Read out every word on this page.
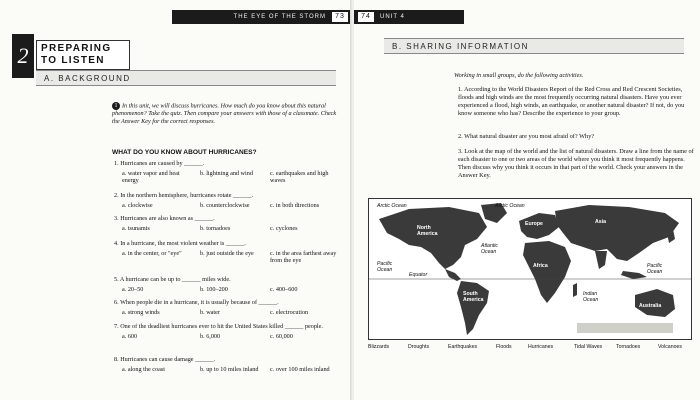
THE EYE OF THE STORM	73
2	PREPARING TO LISTEN
A. BACKGROUND
1 In this unit, we will discuss hurricanes. How much do you know about this natural phenomenon? Take the quiz. Then compare your answers with those of a classmate. Check the Answer Key for the correct responses.
WHAT DO YOU KNOW ABOUT HURRICANES?
1. Hurricanes are caused by ______.
a. water vapor and heat energy
b. lightning and wind	c. earthquakes and high waves
2. In the northern hemisphere, hurricanes rotate ______.
a. clockwise	b. counterclockwise	c. in both directions
3. Hurricanes are also known as ______.
a. tsunamis	b. tornadoes	c. cyclones
4. In a hurricane, the most violent weather is ______.
a. in the center, or "eye"	b. just outside the eye	c. in the area farthest away from the eye
5. A hurricane can be up to ______ miles wide.
a. 20–50	b. 100–200	c. 400–600
6. When people die in a hurricane, it is usually because of ______.
a. strong winds	b. water	c. electrocution
7. One of the deadliest hurricanes ever to hit the United States killed ______ people.
a. 600	b. 6,000	c. 60,000
8. Hurricanes can cause damage ______.
a. along the coast	b. up to 10 miles inland	c. over 100 miles inland
74	UNIT 4
B. SHARING INFORMATION
Working in small groups, do the following activities.
1. According to the World Disasters Report of the Red Cross and Red Crescent Societies, floods and high winds are the most frequently occurring natural disasters. Have you ever experienced a flood, high winds, an earthquake, or another natural disaster? If not, do you know someone who has? Describe the experience to your group.
2. What natural disaster are you most afraid of? Why?
3. Look at the map of the world and the list of natural disasters. Draw a line from the name of each disaster to one or two areas of the world where you think it most frequently happens. Then discuss why you think it occurs in that part of the world. Check your answers in the Answer Key.
Arctic Ocean	Arctic Ocean
North America
Europe	Asia
Atlantic Ocean
Pacific Ocean
Pacific Ocean
Africa
Equator
South America
Indian Ocean
Australia
Blizzards	Droughts	Earthquakes	Floods	Hurricanes	Tidal Waves	Tornadoes	Volcanoes
